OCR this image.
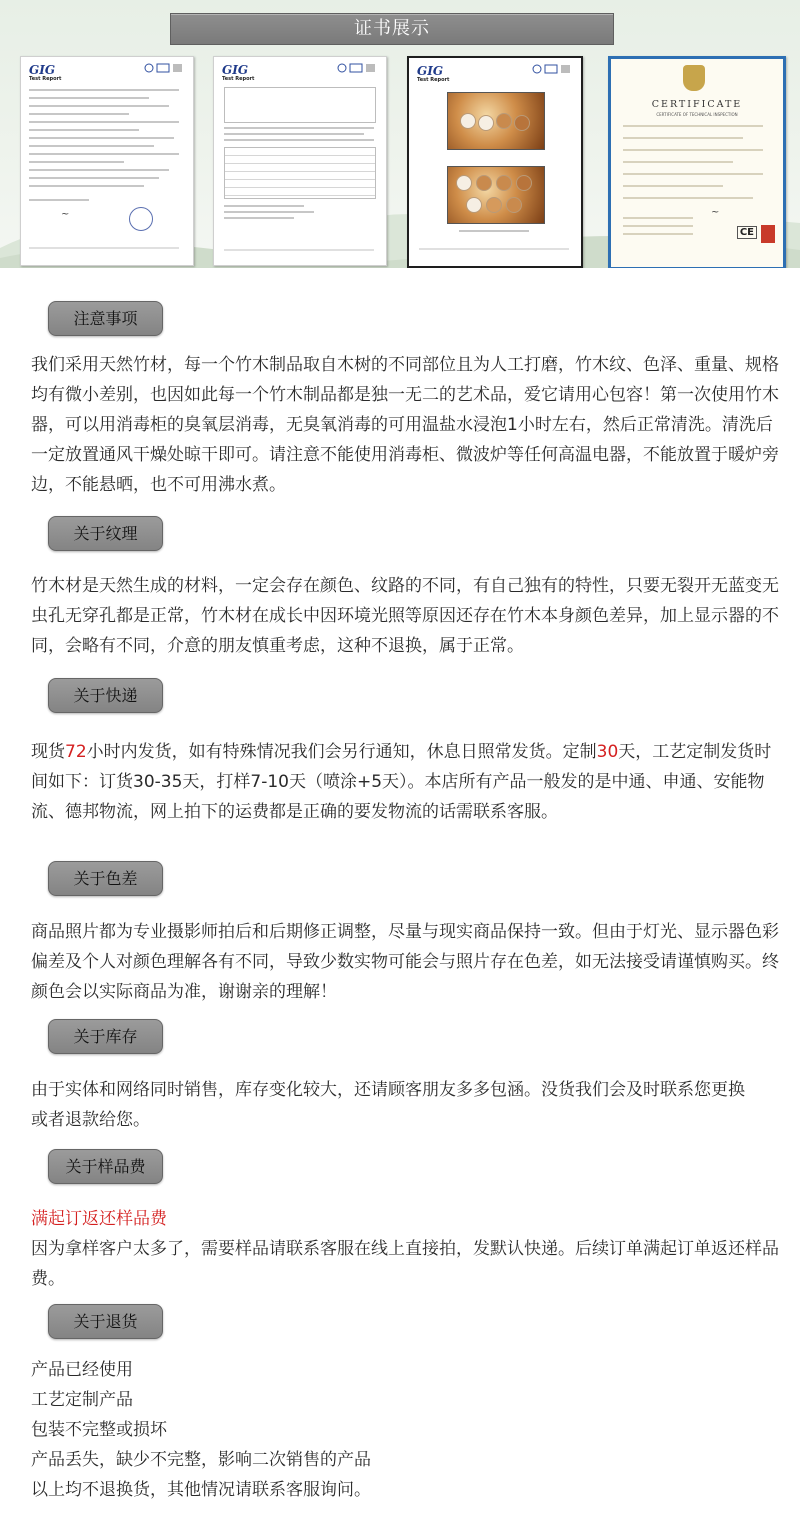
证书展示
GIG
Test Report
~
GIG
Test Report
GIG
Test Report
CERTIFICATE
CERTIFICATE OF TECHNICAL INSPECTION
~
CE
注意事项

我们采用天然竹材，每一个竹木制品取自木树的不同部位且为人工打磨，竹木纹、色泽、重量、规格均有微小差别，也因如此每一个竹木制品都是独一无二的艺术品，爱它请用心包容！第一次使用竹木器，可以用消毒柜的臭氧层消毒，无臭氧消毒的可用温盐水浸泡1小时左右，然后正常清洗。清洗后一定放置通风干燥处晾干即可。请注意不能使用消毒柜、微波炉等任何高温电器，不能放置于暖炉旁边，不能悬晒，也不可用沸水煮。

关于纹理

竹木材是天然生成的材料，一定会存在颜色、纹路的不同，有自己独有的特性，只要无裂开无蓝变无虫孔无穿孔都是正常，竹木材在成长中因环境光照等原因还存在竹木本身颜色差异，加上显示器的不同，会略有不同，介意的朋友慎重考虑，这种不退换，属于正常。

关于快递

现货72小时内发货，如有特殊情况我们会另行通知，休息日照常发货。定制30天，工艺定制发货时间如下：订货30-35天，打样7-10天（喷涂+5天）。本店所有产品一般发的是中通、申通、安能物流、德邦物流，网上拍下的运费都是正确的要发物流的话需联系客服。

关于色差

商品照片都为专业摄影师拍后和后期修正调整，尽量与现实商品保持一致。但由于灯光、显示器色彩偏差及个人对颜色理解各有不同，导致少数实物可能会与照片存在色差，如无法接受请谨慎购买。终颜色会以实际商品为准，谢谢亲的理解！

关于库存

由于实体和网络同时销售，库存变化较大，还请顾客朋友多多包涵。没货我们会及时联系您更换或者退款给您。

关于样品费
满起订返还样品费

因为拿样客户太多了，需要样品请联系客服在线上直接拍，发默认快递。后续订单满起订单返还样品费。

关于退货
产品已经使用
工艺定制产品
包装不完整或损坏
产品丢失，缺少不完整，影响二次销售的产品
以上均不退换货，其他情况请联系客服询问。
